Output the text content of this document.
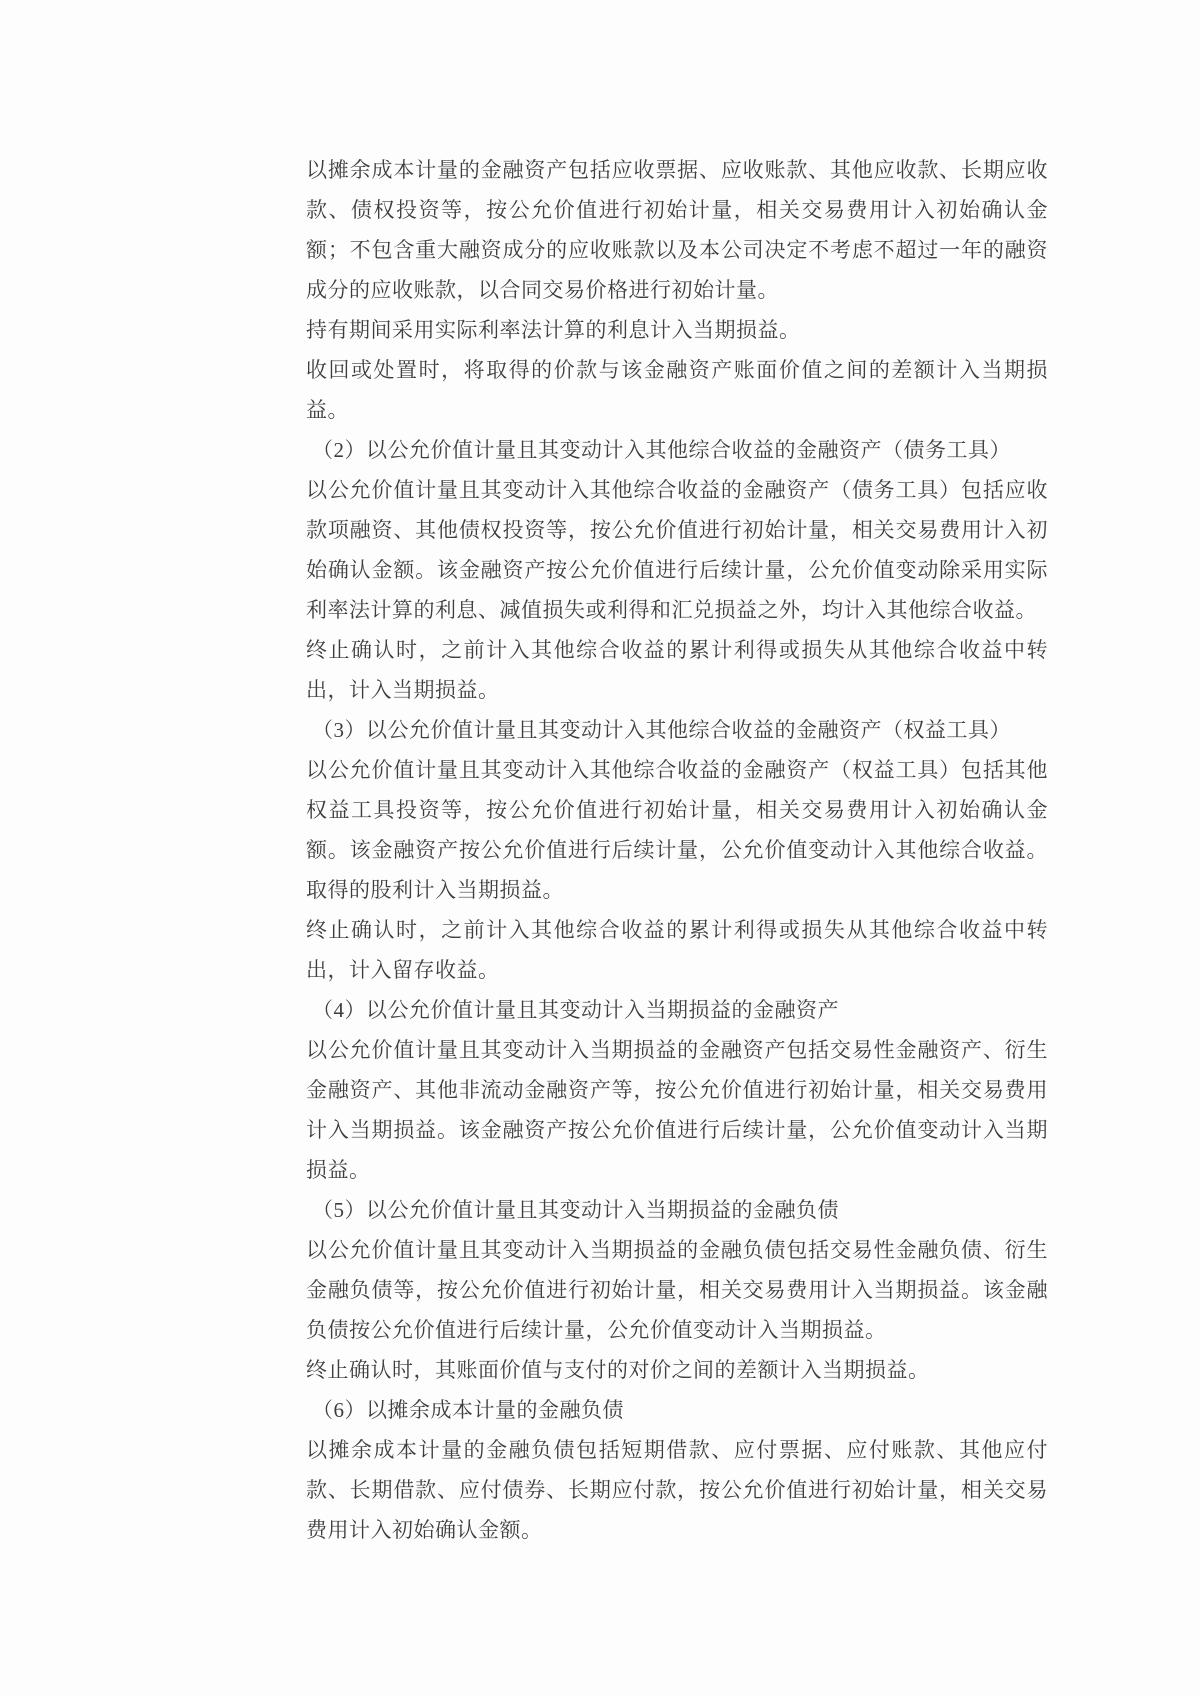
以摊余成本计量的金融资产包括应收票据、应收账款、其他应收款、长期应收款、债权投资等，按公允价值进行初始计量，相关交易费用计入初始确认金额；不包含重大融资成分的应收账款以及本公司决定不考虑不超过一年的融资成分的应收账款，以合同交易价格进行初始计量。

持有期间采用实际利率法计算的利息计入当期损益。

收回或处置时，将取得的价款与该金融资产账面价值之间的差额计入当期损益。

（2）以公允价值计量且其变动计入其他综合收益的金融资产（债务工具）

以公允价值计量且其变动计入其他综合收益的金融资产（债务工具）包括应收款项融资、其他债权投资等，按公允价值进行初始计量，相关交易费用计入初始确认金额。该金融资产按公允价值进行后续计量，公允价值变动除采用实际利率法计算的利息、减值损失或利得和汇兑损益之外，均计入其他综合收益。

终止确认时，之前计入其他综合收益的累计利得或损失从其他综合收益中转出，计入当期损益。

（3）以公允价值计量且其变动计入其他综合收益的金融资产（权益工具）

以公允价值计量且其变动计入其他综合收益的金融资产（权益工具）包括其他权益工具投资等，按公允价值进行初始计量，相关交易费用计入初始确认金额。该金融资产按公允价值进行后续计量，公允价值变动计入其他综合收益。取得的股利计入当期损益。

终止确认时，之前计入其他综合收益的累计利得或损失从其他综合收益中转出，计入留存收益。

（4）以公允价值计量且其变动计入当期损益的金融资产

以公允价值计量且其变动计入当期损益的金融资产包括交易性金融资产、衍生金融资产、其他非流动金融资产等，按公允价值进行初始计量，相关交易费用计入当期损益。该金融资产按公允价值进行后续计量，公允价值变动计入当期损益。

（5）以公允价值计量且其变动计入当期损益的金融负债

以公允价值计量且其变动计入当期损益的金融负债包括交易性金融负债、衍生金融负债等，按公允价值进行初始计量，相关交易费用计入当期损益。该金融负债按公允价值进行后续计量，公允价值变动计入当期损益。

终止确认时，其账面价值与支付的对价之间的差额计入当期损益。

（6）以摊余成本计量的金融负债

以摊余成本计量的金融负债包括短期借款、应付票据、应付账款、其他应付款、长期借款、应付债券、长期应付款，按公允价值进行初始计量，相关交易费用计入初始确认金额。
